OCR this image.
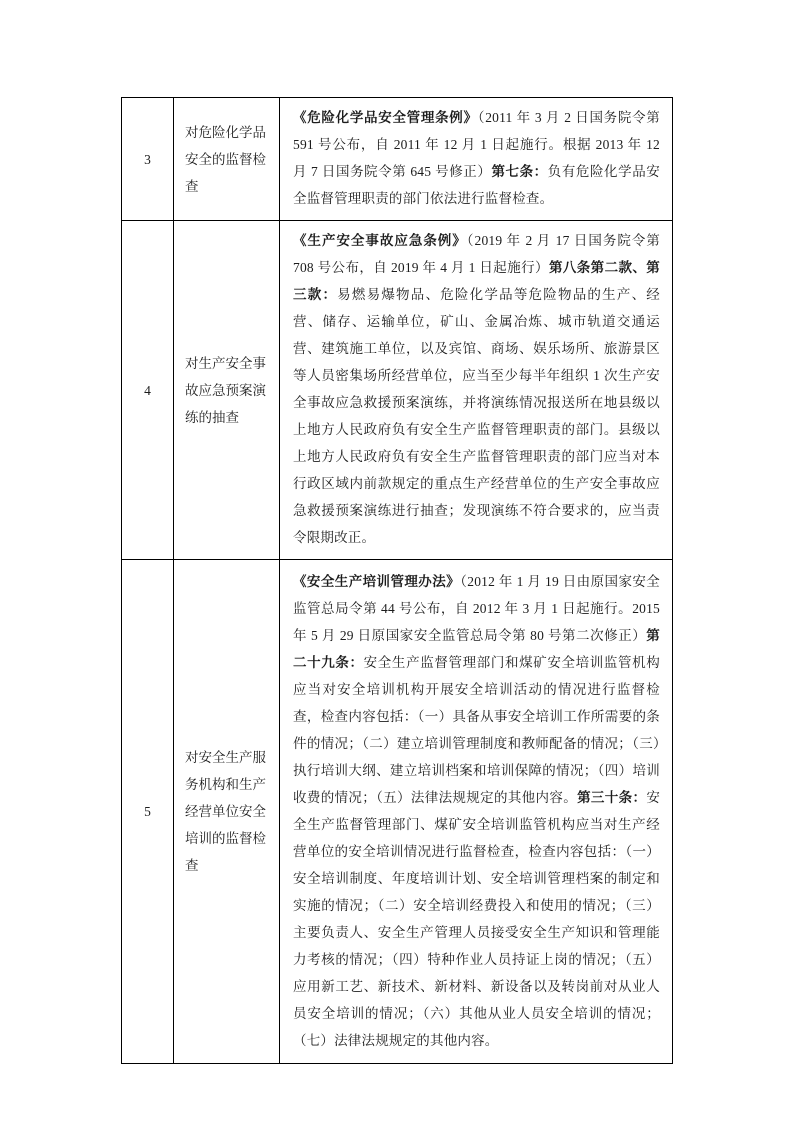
3	对危险化学品安全的监督检查	《危险化学品安全管理条例》（2011 年 3 月 2 日国务院令第 591 号公布，自 2011 年 12 月 1 日起施行。根据 2013 年 12 月 7 日国务院令第 645 号修正）第七条：负有危险化学品安全监督管理职责的部门依法进行监督检查。
4	对生产安全事故应急预案演练的抽查	《生产安全事故应急条例》（2019 年 2 月 17 日国务院令第 708 号公布，自 2019 年 4 月 1 日起施行）第八条第二款、第三款：易燃易爆物品、危险化学品等危险物品的生产、经营、储存、运输单位，矿山、金属冶炼、城市轨道交通运营、建筑施工单位，以及宾馆、商场、娱乐场所、旅游景区等人员密集场所经营单位，应当至少每半年组织 1 次生产安全事故应急救援预案演练，并将演练情况报送所在地县级以上地方人民政府负有安全生产监督管理职责的部门。县级以上地方人民政府负有安全生产监督管理职责的部门应当对本行政区域内前款规定的重点生产经营单位的生产安全事故应急救援预案演练进行抽查；发现演练不符合要求的，应当责令限期改正。
5	对安全生产服务机构和生产经营单位安全培训的监督检查	《安全生产培训管理办法》（2012 年 1 月 19 日由原国家安全监管总局令第 44 号公布，自 2012 年 3 月 1 日起施行。2015 年 5 月 29 日原国家安全监管总局令第 80 号第二次修正）第二十九条：安全生产监督管理部门和煤矿安全培训监管机构应当对安全培训机构开展安全培训活动的情况进行监督检查，检查内容包括：（一）具备从事安全培训工作所需要的条件的情况；（二）建立培训管理制度和教师配备的情况；（三）执行培训大纲、建立培训档案和培训保障的情况；（四）培训收费的情况；（五）法律法规规定的其他内容。第三十条：安全生产监督管理部门、煤矿安全培训监管机构应当对生产经营单位的安全培训情况进行监督检查，检查内容包括：（一）安全培训制度、年度培训计划、安全培训管理档案的制定和实施的情况；（二）安全培训经费投入和使用的情况；（三）主要负责人、安全生产管理人员接受安全生产知识和管理能力考核的情况；（四）特种作业人员持证上岗的情况；（五）应用新工艺、新技术、新材料、新设备以及转岗前对从业人员安全培训的情况；（六）其他从业人员安全培训的情况；（七）法律法规规定的其他内容。
